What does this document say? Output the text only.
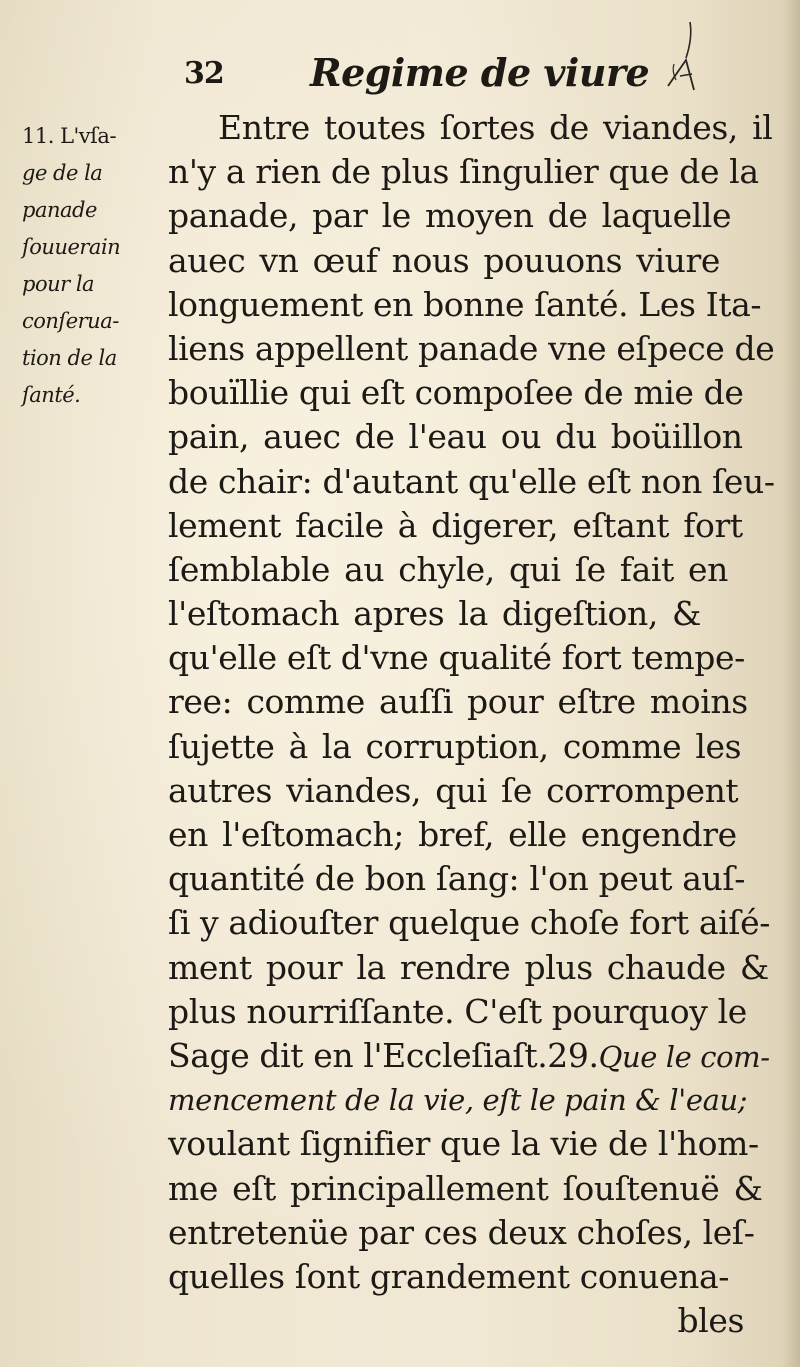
32 Regime de viure
11. L'vſa-
ge de la
panade
ſouuerain
pour la
conſerua-
tion de la
ſanté.
Entre toutes ſortes de viandes, il
n'y a rien de plus ſingulier que de la
panade, par le moyen de laquelle
auec vn œuf nous pouuons viure
longuement en bonne ſanté. Les Ita-
liens appellent panade vne eſpece de
bouïllie qui eſt compoſee de mie de
pain, auec de l'eau ou du boüillon
de chair: d'autant qu'elle eſt non ſeu-
lement facile à digerer, eſtant fort
ſemblable au chyle, qui ſe fait en
l'eſtomach apres la digeſtion, &
qu'elle eſt d'vne qualité fort tempe-
ree: comme auſſi pour eſtre moins
ſujette à la corruption, comme les
autres viandes, qui ſe corrompent
en l'eſtomach; bref, elle engendre
quantité de bon ſang: l'on peut auſ-
ſi y adiouſter quelque choſe fort aiſé-
ment pour la rendre plus chaude &
plus nourriſſante. C'eſt pourquoy le
Sage dit en l'Eccleſiaſt.29.Que le com-
mencement de la vie, eſt le pain & l'eau;
voulant ſignifier que la vie de l'hom-
me eſt principallement ſouſtenuë &
entretenüe par ces deux choſes, leſ-
quelles ſont grandement conuena-
bles
